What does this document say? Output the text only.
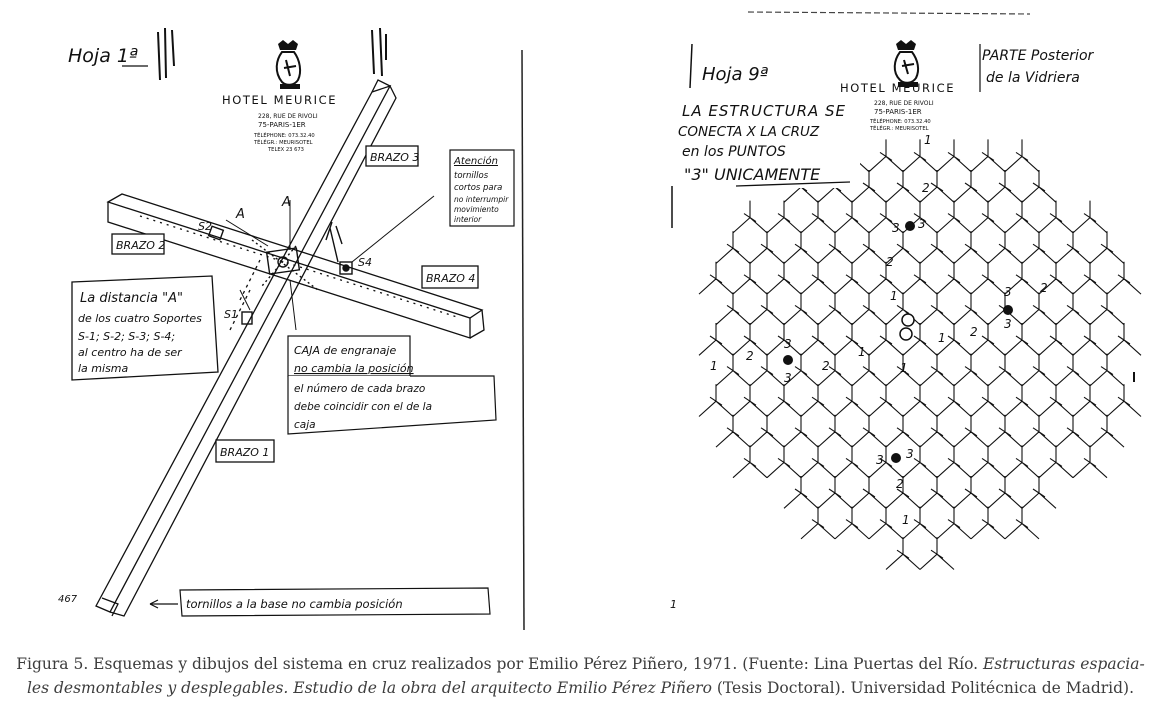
Hoja 1ª
HOTEL MEURICE
228, RUE DE RIVOLI
75-PARIS-1ER
TÉLÉPHONE: 073.32.40
TÉLÉGR.: MEURISOTEL
TELEX 23 673
A
A
S2
S1
S4
BRAZO 3
BRAZO 2
BRAZO 4
BRAZO 1
Atención
tornillos
cortos para
no interrumpir
movimiento
interior
La distancia "A"
de los cuatro Soportes
S-1; S-2; S-3; S-4;
al centro ha de ser
la misma
CAJA de engranaje
no cambia la posición
el número de cada brazo
debe coincidir con el de la
caja
tornillos a la base no cambia posición
467
Hoja 9ª
PARTE Posterior
de la Vidriera
HOTEL MEURICE
228, RUE DE RIVOLI
75-PARIS-1ER
TÉLÉPHONE: 073.32.40
TÉLÉGR.: MEURISOTEL
LA ESTRUCTURA SE
CONECTA X LA CRUZ
en los PUNTOS
"3" UNICAMENTE
3 3
3
3
3
3
3 3
2
2
2
2
2
2
2
1
1
1
1
1
1
1
1
Figura 5. Esquemas y dibujos del sistema en cruz realizados por Emilio Pérez Piñero, 1971. (Fuente: Lina Puertas del Río. Estructuras espacia-
les desmontables y desplegables. Estudio de la obra del arquitecto Emilio Pérez Piñero (Tesis Doctoral). Universidad Politécnica de Madrid).
